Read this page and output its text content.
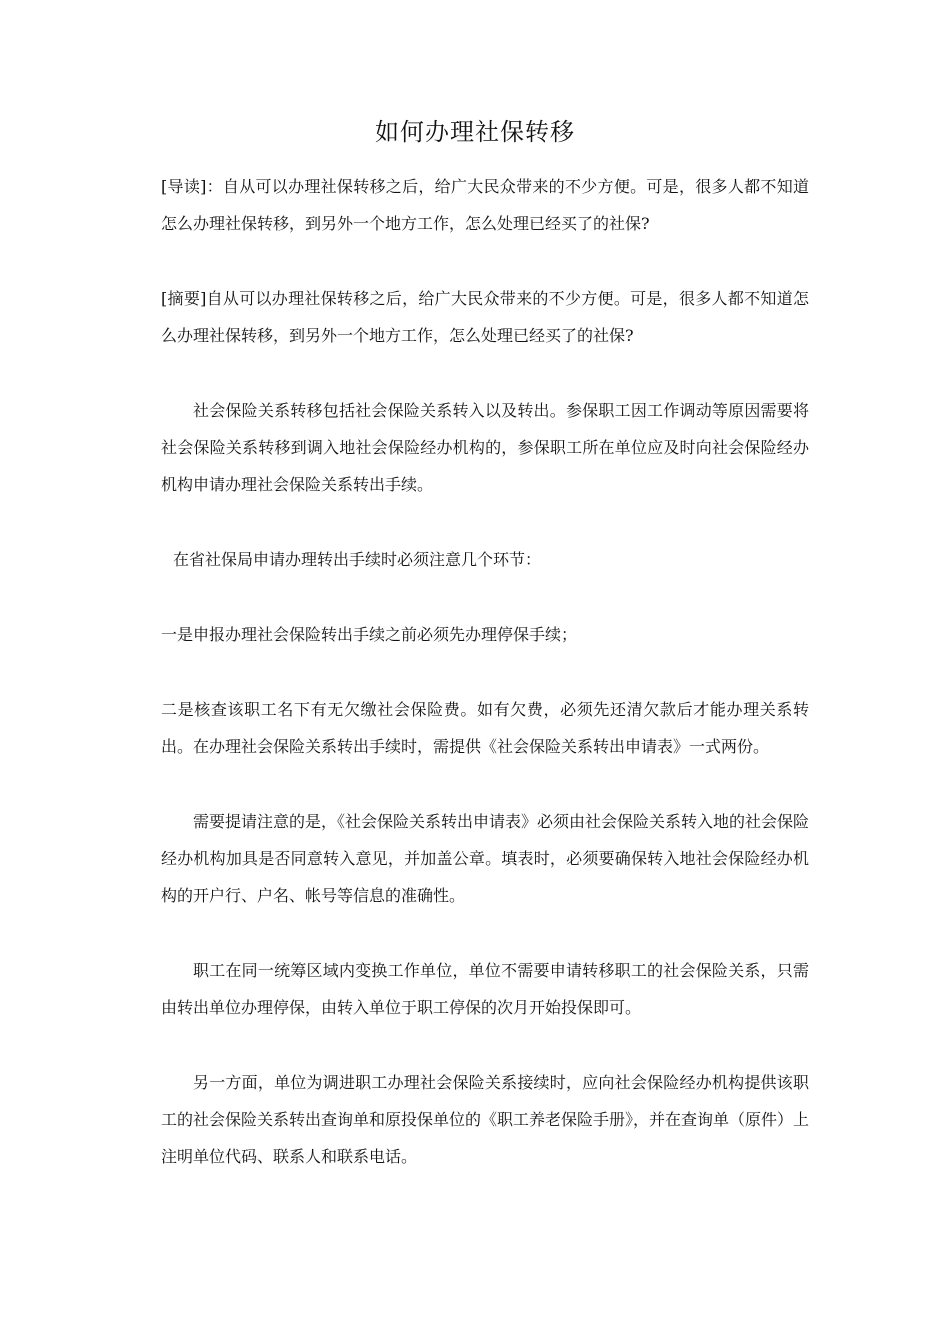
如何办理社保转移

[导读]：自从可以办理社保转移之后，给广大民众带来的不少方便。可是，很多人都不知道怎么办理社保转移，到另外一个地方工作，怎么处理已经买了的社保?

[摘要]自从可以办理社保转移之后，给广大民众带来的不少方便。可是，很多人都不知道怎么办理社保转移，到另外一个地方工作，怎么处理已经买了的社保?

社会保险关系转移包括社会保险关系转入以及转出。参保职工因工作调动等原因需要将社会保险关系转移到调入地社会保险经办机构的，参保职工所在单位应及时向社会保险经办机构申请办理社会保险关系转出手续。

在省社保局申请办理转出手续时必须注意几个环节：

一是申报办理社会保险转出手续之前必须先办理停保手续；

二是核查该职工名下有无欠缴社会保险费。如有欠费，必须先还清欠款后才能办理关系转出。在办理社会保险关系转出手续时，需提供《社会保险关系转出申请表》一式两份。

需要提请注意的是，《社会保险关系转出申请表》必须由社会保险关系转入地的社会保险经办机构加具是否同意转入意见，并加盖公章。填表时，必须要确保转入地社会保险经办机构的开户行、户名、帐号等信息的准确性。

职工在同一统筹区域内变换工作单位，单位不需要申请转移职工的社会保险关系，只需由转出单位办理停保，由转入单位于职工停保的次月开始投保即可。

另一方面，单位为调进职工办理社会保险关系接续时，应向社会保险经办机构提供该职工的社会保险关系转出查询单和原投保单位的《职工养老保险手册》，并在查询单（原件）上注明单位代码、联系人和联系电话。
